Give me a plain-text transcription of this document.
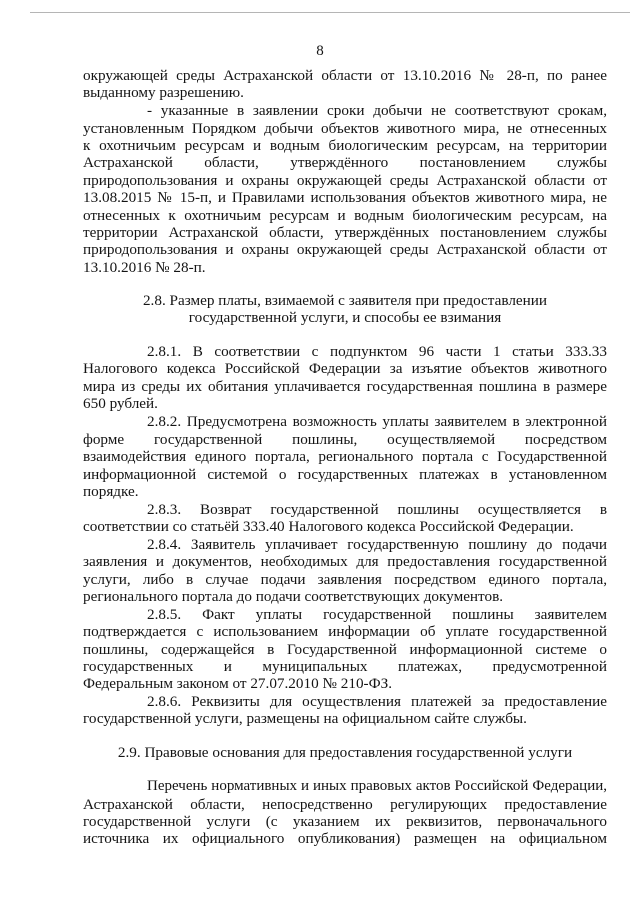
8
окружающей среды Астраханской области от 13.10.2016 № 28-п, по ранее
выданному разрешению.
- указанные в заявлении сроки добычи не соответствуют срокам,
установленным Порядком добычи объектов животного мира, не отнесенных
к охотничьим ресурсам и водным биологическим ресурсам, на территории
Астраханской области, утверждённого постановлением службы
природопользования и охраны окружающей среды Астраханской области от
13.08.2015 № 15-п, и Правилами использования объектов животного мира, не
отнесенных к охотничьим ресурсам и водным биологическим ресурсам, на
территории Астраханской области, утверждённых постановлением службы
природопользования и охраны окружающей среды Астраханской области от
13.10.2016 № 28-п.
2.8. Размер платы, взимаемой с заявителя при предоставлении
государственной услуги, и способы ее взимания
2.8.1. В соответствии с подпунктом 96 части 1 статьи 333.33
Налогового кодекса Российской Федерации за изъятие объектов животного
мира из среды их обитания уплачивается государственная пошлина в размере
650 рублей.
2.8.2. Предусмотрена возможность уплаты заявителем в электронной
форме государственной пошлины, осуществляемой посредством
взаимодействия единого портала, регионального портала с Государственной
информационной системой о государственных платежах в установленном
порядке.
2.8.3. Возврат государственной пошлины осуществляется в
соответствии со статьёй 333.40 Налогового кодекса Российской Федерации.
2.8.4. Заявитель уплачивает государственную пошлину до подачи
заявления и документов, необходимых для предоставления государственной
услуги, либо в случае подачи заявления посредством единого портала,
регионального портала до подачи соответствующих документов.
2.8.5. Факт уплаты государственной пошлины заявителем
подтверждается с использованием информации об уплате государственной
пошлины, содержащейся в Государственной информационной системе о
государственных и муниципальных платежах, предусмотренной
Федеральным законом от 27.07.2010 № 210-ФЗ.
2.8.6. Реквизиты для осуществления платежей за предоставление
государственной услуги, размещены на официальном сайте службы.
2.9. Правовые основания для предоставления государственной услуги
Перечень нормативных и иных правовых актов Российской Федерации,
Астраханской области, непосредственно регулирующих предоставление
государственной услуги (с указанием их реквизитов, первоначального
источника их официального опубликования) размещен на официальном
